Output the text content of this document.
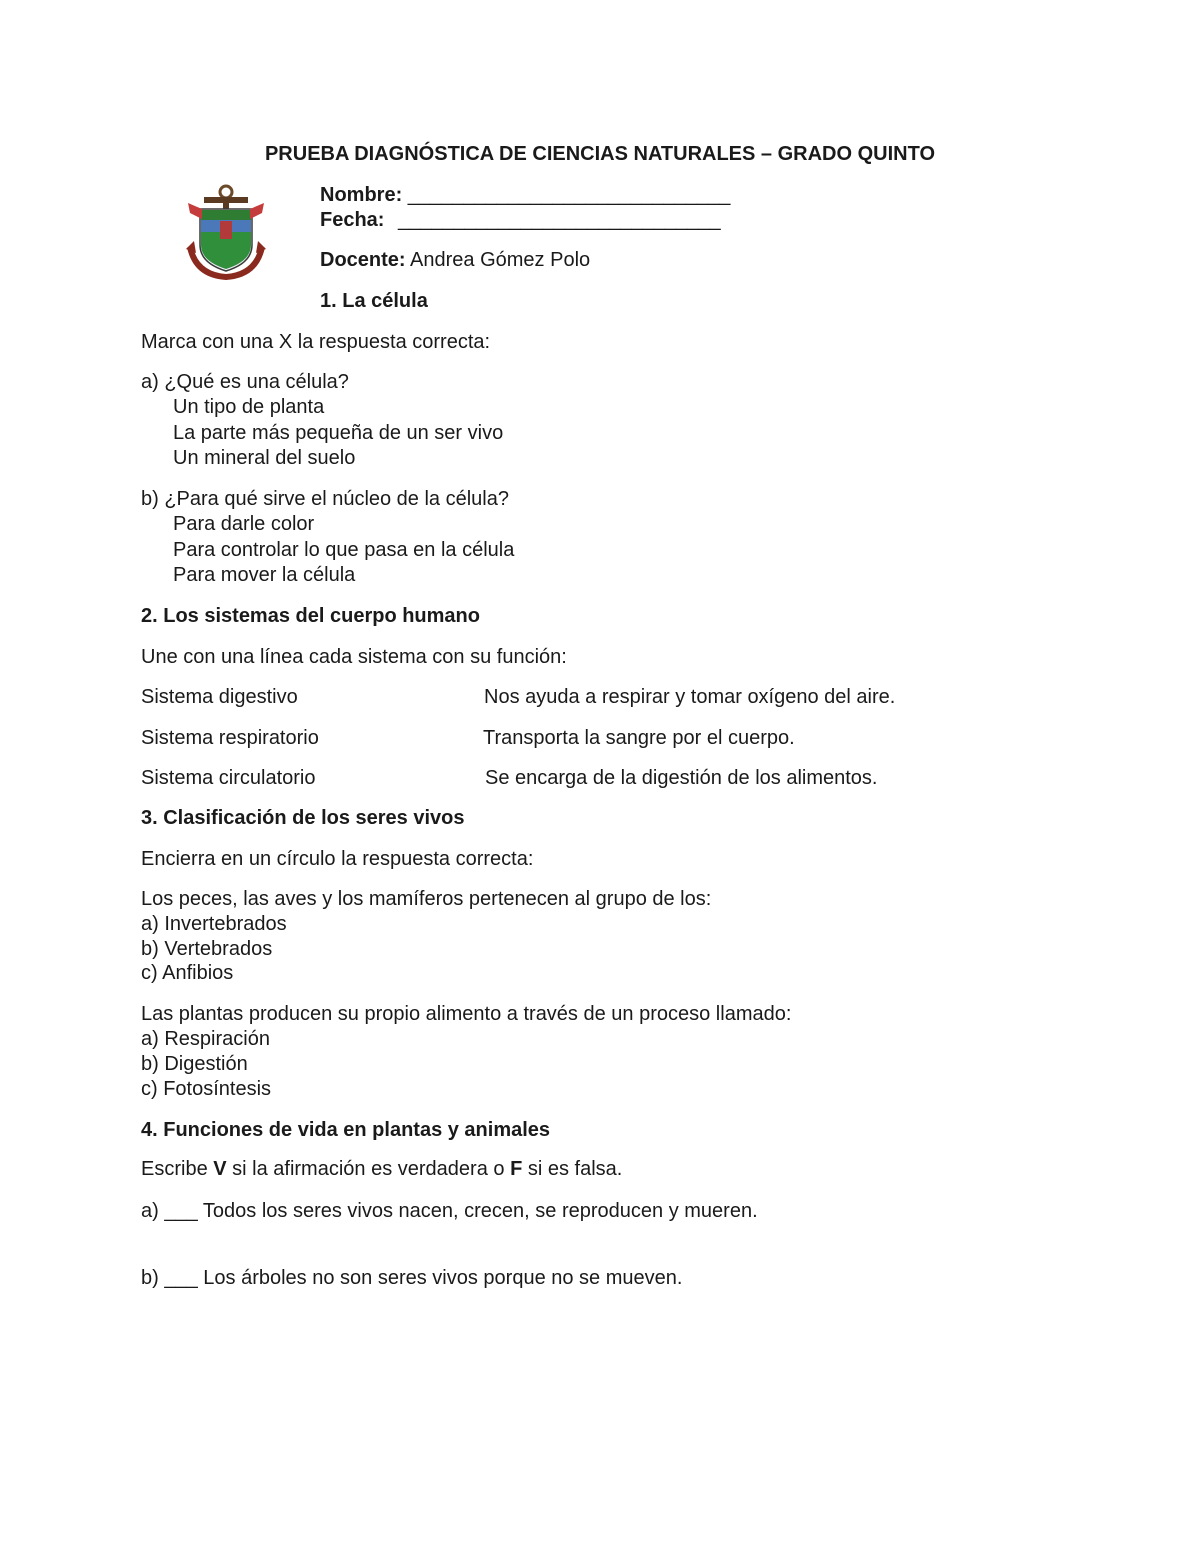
PRUEBA DIAGNÓSTICA DE CIENCIAS NATURALES – GRADO QUINTO
Nombre: _____________________________
Fecha: _____________________________
Docente: Andrea Gómez Polo
1. La célula
Marca con una X la respuesta correcta:
a) ¿Qué es una célula?
Un tipo de planta
La parte más pequeña de un ser vivo
Un mineral del suelo
b) ¿Para qué sirve el núcleo de la célula?
Para darle color
Para controlar lo que pasa en la célula
Para mover la célula
2. Los sistemas del cuerpo humano
Une con una línea cada sistema con su función:
Sistema digestivo	Nos ayuda a respirar y tomar oxígeno del aire.
Sistema respiratorio	Transporta la sangre por el cuerpo.
Sistema circulatorio	Se encarga de la digestión de los alimentos.
3. Clasificación de los seres vivos
Encierra en un círculo la respuesta correcta:
Los peces, las aves y los mamíferos pertenecen al grupo de los:
a) Invertebrados
b) Vertebrados
c) Anfibios
Las plantas producen su propio alimento a través de un proceso llamado:
a) Respiración
b) Digestión
c) Fotosíntesis
4. Funciones de vida en plantas y animales
Escribe V si la afirmación es verdadera o F si es falsa.
a) ___ Todos los seres vivos nacen, crecen, se reproducen y mueren.
b) ___ Los árboles no son seres vivos porque no se mueven.
